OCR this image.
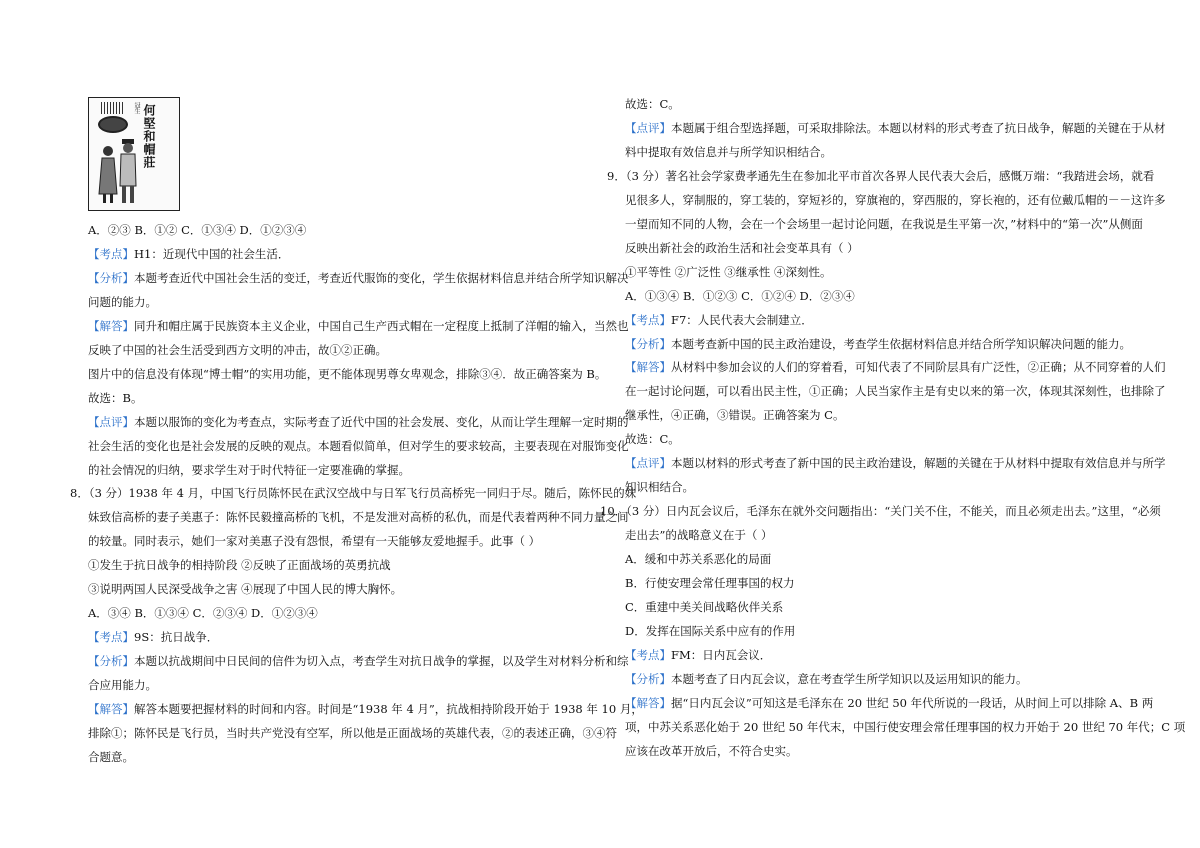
冠生 何堅和帽莊
A．②③ B．①② C．①③④ D．①②③④
【考点】H1：近现代中国的社会生活．
【分析】本题考查近代中国社会生活的变迁，考查近代服饰的变化，学生依据材料信息并结合所学知识解决
问题的能力。
【解答】同升和帽庄属于民族资本主义企业，中国自己生产西式帽在一定程度上抵制了洋帽的输入，当然也
反映了中国的社会生活受到西方文明的冲击，故①②正确。
图片中的信息没有体现“博士帽”的实用功能，更不能体现男尊女卑观念，排除③④．故正确答案为 B。
故选：B。
【点评】本题以服饰的变化为考查点，实际考查了近代中国的社会发展、变化，从而让学生理解一定时期的
社会生活的变化也是社会发展的反映的观点。本题看似简单，但对学生的要求较高，主要表现在对服饰变化
的社会情况的归纳，要求学生对于时代特征一定要准确的掌握。
8．（3 分）1938 年 4 月，中国飞行员陈怀民在武汉空战中与日军飞行员高桥宪一同归于尽。随后，陈怀民的妹
妹致信高桥的妻子美惠子：陈怀民毅撞高桥的飞机，不是发泄对高桥的私仇，而是代表着两种不同力量之间
的较量。同时表示，她们一家对美惠子没有怨恨，希望有一天能够友爱地握手。此事（ ）
①发生于抗日战争的相持阶段 ②反映了正面战场的英勇抗战
③说明两国人民深受战争之害 ④展现了中国人民的博大胸怀。
A．③④ B．①③④ C．②③④ D．①②③④
【考点】9S：抗日战争．
【分析】本题以抗战期间中日民间的信件为切入点，考查学生对抗日战争的掌握，以及学生对材料分析和综
合应用能力。
【解答】解答本题要把握材料的时间和内容。时间是“1938 年 4 月”，抗战相持阶段开始于 1938 年 10 月，
排除①；陈怀民是飞行员，当时共产党没有空军，所以他是正面战场的英雄代表，②的表述正确，③④符
合题意。
故选：C。
【点评】本题属于组合型选择题，可采取排除法。本题以材料的形式考查了抗日战争，解题的关键在于从材
料中提取有效信息并与所学知识相结合。
9．（3 分）著名社会学家费孝通先生在参加北平市首次各界人民代表大会后，感慨万端：“我踏进会场，就看
见很多人，穿制服的，穿工装的，穿短衫的，穿旗袍的，穿西服的，穿长袍的，还有位戴瓜帽的－－这许多
一望而知不同的人物，会在一个会场里一起讨论问题，在我说是生平第一次，”材料中的“第一次”从侧面
反映出新社会的政治生活和社会变革具有（ ）
①平等性 ②广泛性 ③继承性 ④深刻性。
A．①③④ B．①②③ C．①②④ D．②③④
【考点】F7：人民代表大会制建立．
【分析】本题考查新中国的民主政治建设，考查学生依据材料信息并结合所学知识解决问题的能力。
【解答】从材料中参加会议的人们的穿着看，可知代表了不同阶层具有广泛性，②正确；从不同穿着的人们
在一起讨论问题，可以看出民主性，①正确；人民当家作主是有史以来的第一次，体现其深刻性，也排除了
继承性，④正确，③错误。正确答案为 C。
故选：C。
【点评】本题以材料的形式考查了新中国的民主政治建设，解题的关键在于从材料中提取有效信息并与所学
知识相结合。
10．（3 分）日内瓦会议后，毛泽东在就外交问题指出：“关门关不住，不能关，而且必须走出去。”这里，“必须
走出去”的战略意义在于（ ）
A．缓和中苏关系恶化的局面
B．行使安理会常任理事国的权力
C．重建中美关间战略伙伴关系
D．发挥在国际关系中应有的作用
【考点】FM：日内瓦会议．
【分析】本题考查了日内瓦会议，意在考查学生所学知识以及运用知识的能力。
【解答】据“日内瓦会议”可知这是毛泽东在 20 世纪 50 年代所说的一段话，从时间上可以排除 A、B 两
项，中苏关系恶化始于 20 世纪 50 年代末，中国行使安理会常任理事国的权力开始于 20 世纪 70 年代；C 项
应该在改革开放后，不符合史实。
